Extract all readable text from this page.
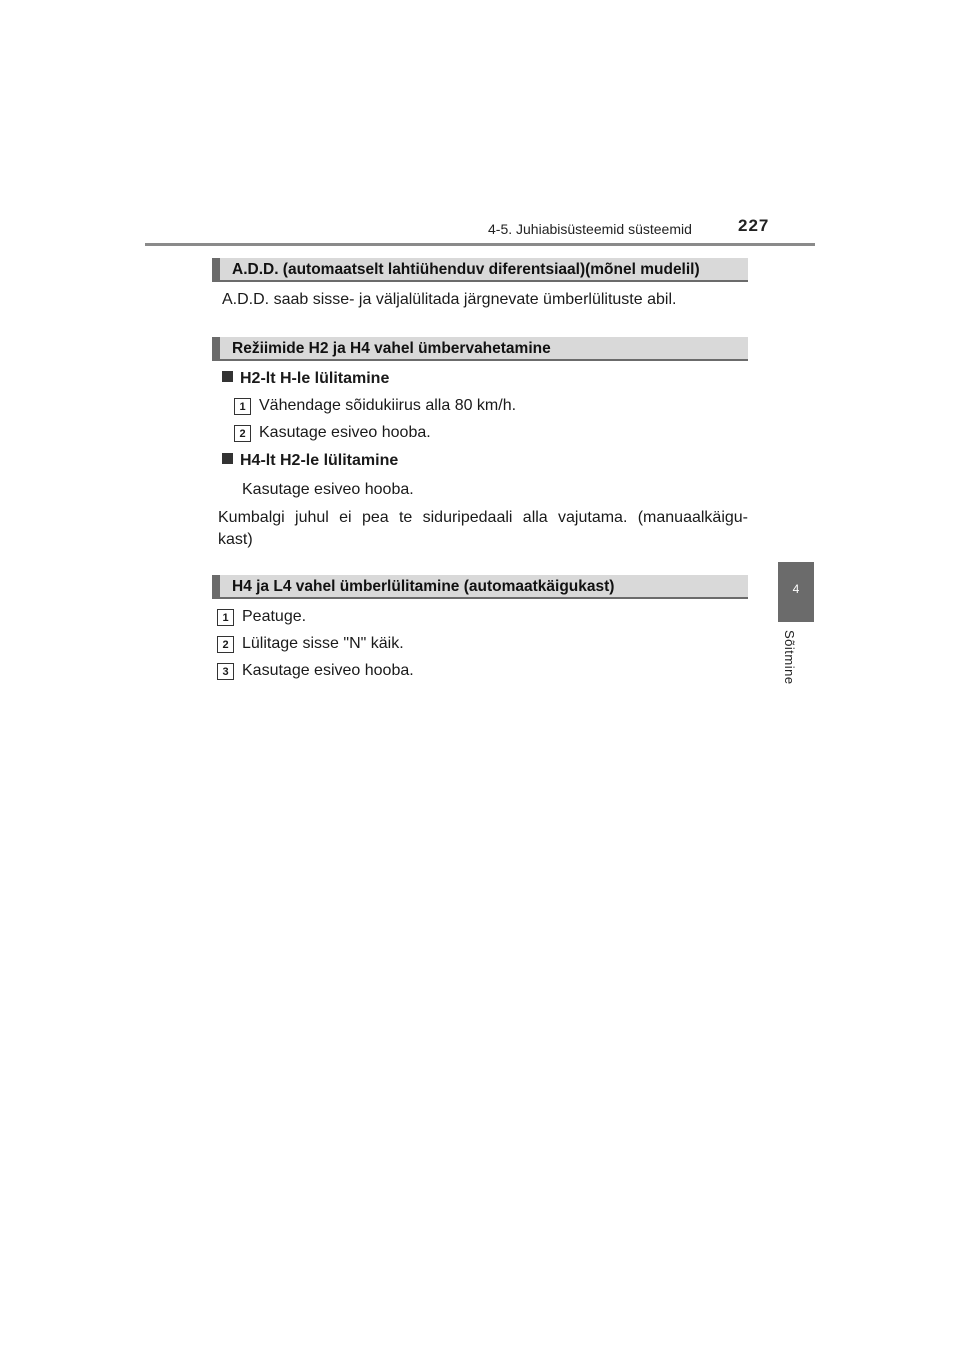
4-5. Juhiabisüsteemid süsteemid	227
4
Sõitmine
A.D.D. (automaatselt lahtiühenduv diferentsiaal)(mõnel mudelil)
A.D.D. saab sisse- ja väljalülitada järgnevate ümberlülituste abil.
Režiimide H2 ja H4 vahel ümbervahetamine
H2-lt H-le lülitamine
1 Vähendage sõidukiirus alla 80 km/h.
2 Kasutage esiveo hooba.
H4-lt H2-le lülitamine
Kasutage esiveo hooba.
Kumbalgi juhul ei pea te siduripedaali alla vajutama. (manuaalkäigu-
kast)
H4 ja L4 vahel ümberlülitamine (automaatkäigukast)
1 Peatuge.
2 Lülitage sisse "N" käik.
3 Kasutage esiveo hooba.
